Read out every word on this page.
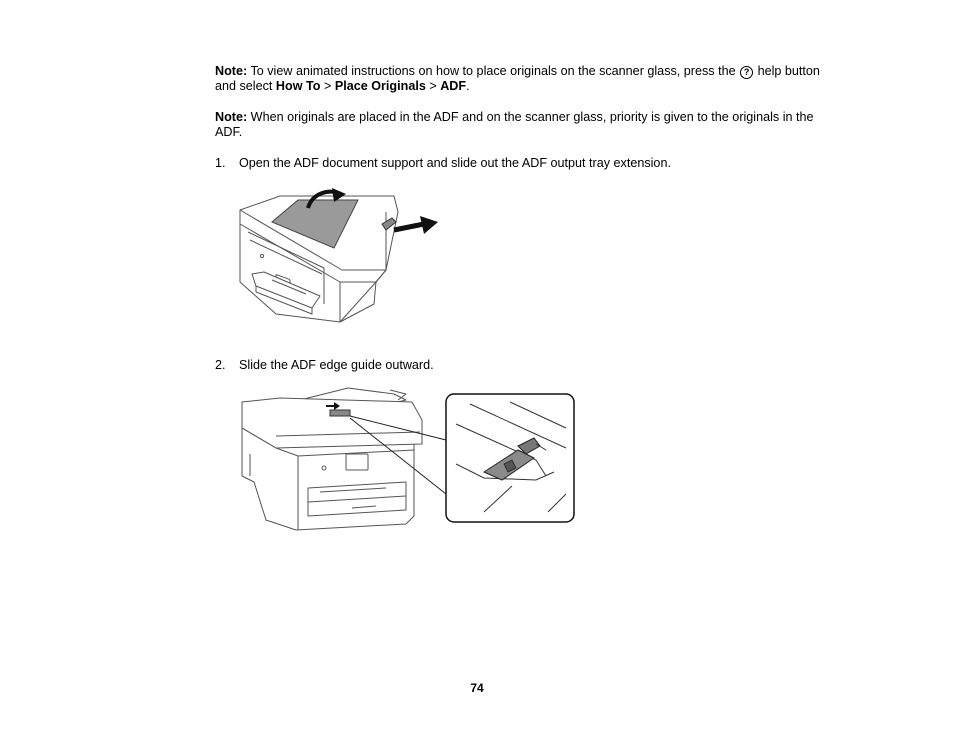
Note: To view animated instructions on how to place originals on the scanner glass, press the ? help button and select How To > Place Originals > ADF.
Note: When originals are placed in the ADF and on the scanner glass, priority is given to the originals in the ADF.
1. Open the ADF document support and slide out the ADF output tray extension.
2. Slide the ADF edge guide outward.
74
